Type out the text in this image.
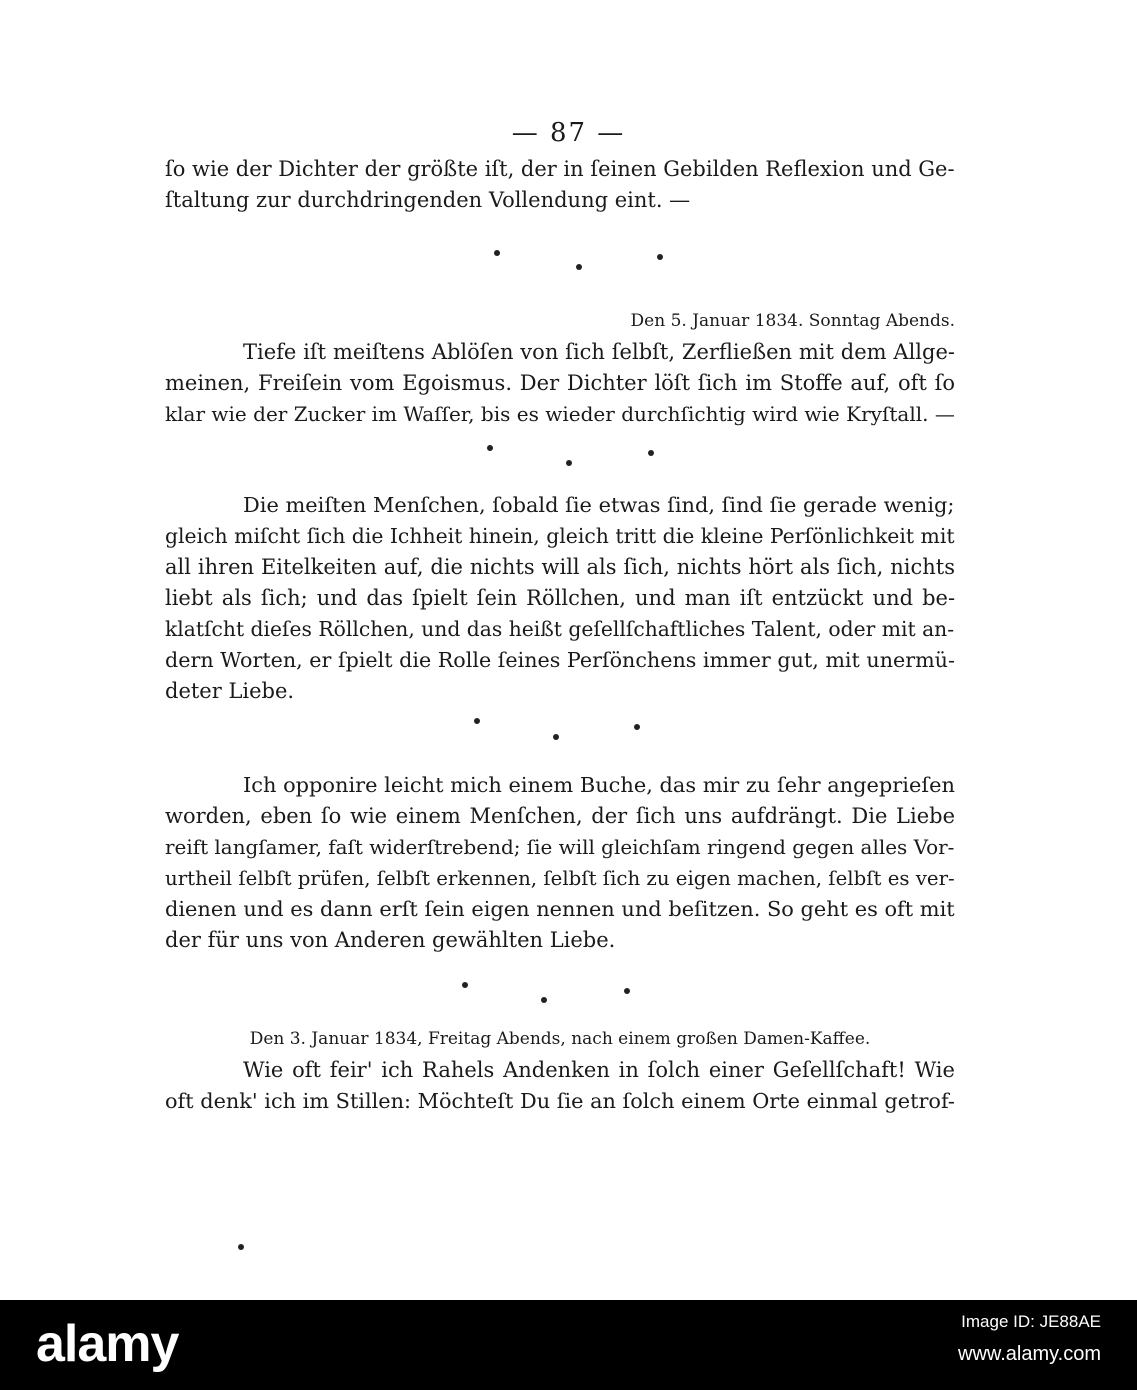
— 87 —
ſo wie der Dichter der größte iſt, der in ſeinen Gebilden Reflexion und Ge-
ſtaltung zur durchdringenden Vollendung eint. —
Den 5. Januar 1834. Sonntag Abends.
Tiefe iſt meiſtens Ablöſen von ſich ſelbſt, Zerfließen mit dem Allge-
meinen, Freiſein vom Egoismus. Der Dichter löſt ſich im Stoffe auf, oft ſo
klar wie der Zucker im Waſſer, bis es wieder durchſichtig wird wie Kryſtall. —
Die meiſten Menſchen, ſobald ſie etwas ſind, ſind ſie gerade wenig;
gleich miſcht ſich die Ichheit hinein, gleich tritt die kleine Perſönlichkeit mit
all ihren Eitelkeiten auf, die nichts will als ſich, nichts hört als ſich, nichts
liebt als ſich; und das ſpielt ſein Röllchen, und man iſt entzückt und be-
klatſcht dieſes Röllchen, und das heißt geſellſchaftliches Talent, oder mit an-
dern Worten, er ſpielt die Rolle ſeines Perſönchens immer gut, mit unermü-
deter Liebe.
Ich opponire leicht mich einem Buche, das mir zu ſehr angeprieſen
worden, eben ſo wie einem Menſchen, der ſich uns aufdrängt. Die Liebe
reift langſamer, faſt widerſtrebend; ſie will gleichſam ringend gegen alles Vor-
urtheil ſelbſt prüfen, ſelbſt erkennen, ſelbſt ſich zu eigen machen, ſelbſt es ver-
dienen und es dann erſt ſein eigen nennen und beſitzen. So geht es oft mit
der für uns von Anderen gewählten Liebe.
Den 3. Januar 1834, Freitag Abends, nach einem großen Damen-Kaffee.
Wie oft feir' ich Rahels Andenken in ſolch einer Geſellſchaft! Wie
oft denk' ich im Stillen: Möchteſt Du ſie an ſolch einem Orte einmal getrof-
alamy	Image ID: JE88AE
www.alamy.com
